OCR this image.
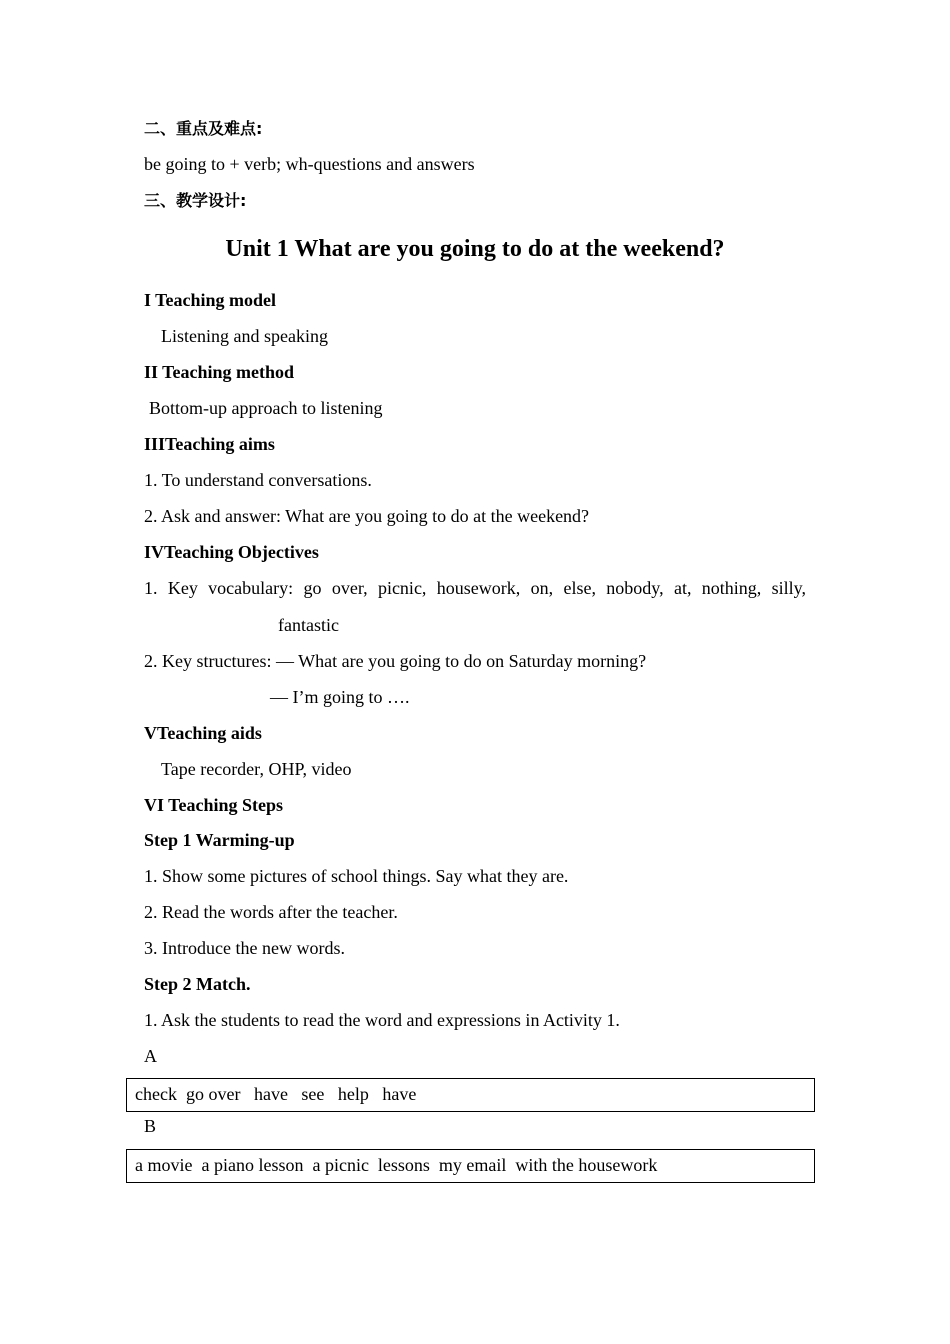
二、重点及难点:
be going to + verb; wh-questions and answers
三、教学设计:
Unit 1 What are you going to do at the weekend?
I Teaching model
Listening and speaking
II Teaching method
Bottom-up approach to listening
IIITeaching aims
1. To understand conversations.
2. Ask and answer: What are you going to do at the weekend?
IVTeaching Objectives
1. Key vocabulary: go over, picnic, housework, on, else, nobody, at, nothing, silly,
fantastic
2. Key structures: — What are you going to do on Saturday morning?
— I’m going to ….
VTeaching aids
Tape recorder, OHP, video
VI Teaching Steps
Step 1 Warming-up
1. Show some pictures of school things. Say what they are.
2. Read the words after the teacher.
3. Introduce the new words.
Step 2 Match.
1. Ask the students to read the word and expressions in Activity 1.
A
check  go over   have   see   help   have
B
a movie  a piano lesson  a picnic  lessons  my email  with the housework
